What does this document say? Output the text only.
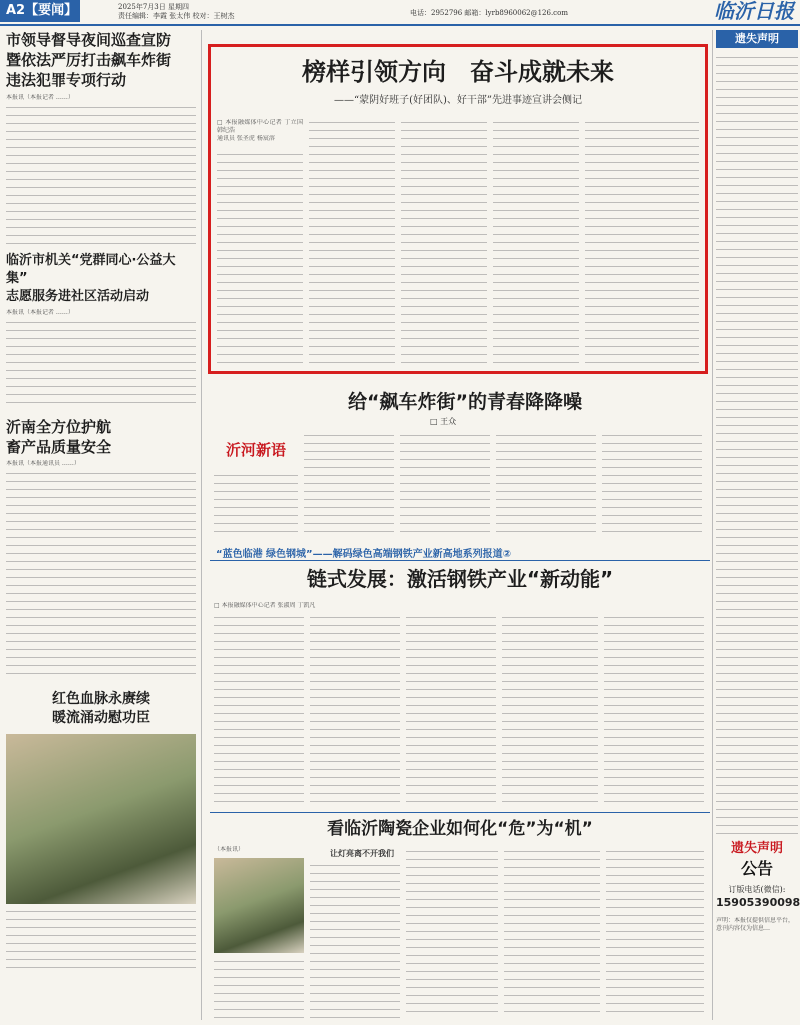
A2【要闻】	2025年7月3日 星期四
责任编辑：李霞 张太伟 校对：王树杰	电话：2952796 邮箱：lyrb8960062@126.com	临沂日报
市领导督导夜间巡查宣防
暨依法严厉打击飙车炸街
违法犯罪专项行动
本报讯（本报记者 ……）
临沂市机关“党群同心·公益大集”
志愿服务进社区活动启动
本报讯（本报记者 ……）
沂南全方位护航
畜产品质量安全
本报讯（本报通讯员 ……）
红色血脉永赓续
暖流涌动慰功臣
榜样引领方向　奋斗成就未来
——“蒙阴好班子(好团队)、好干部”先进事迹宣讲会侧记
□ 本报融媒体中心记者 丁立国 韩纪浩
通讯员 张圣虎 杨宸溶
给“飙车炸街”的青春降降噪
□ 王众
沂河新语
“蓝色临港 绿色钢城”——解码绿色高端钢铁产业新高地系列报道②
链式发展：激活钢铁产业“新动能”
□ 本报融媒体中心记者 张淑周 丁凯凡
看临沂陶瓷企业如何化“危”为“机”
（本报讯）	让灯亮离不开我们
遗失声明
遗失声明
公告
订版电话(微信):
15905390098
声明：本报仅提供信息平台，意刊内容仅为信息…
